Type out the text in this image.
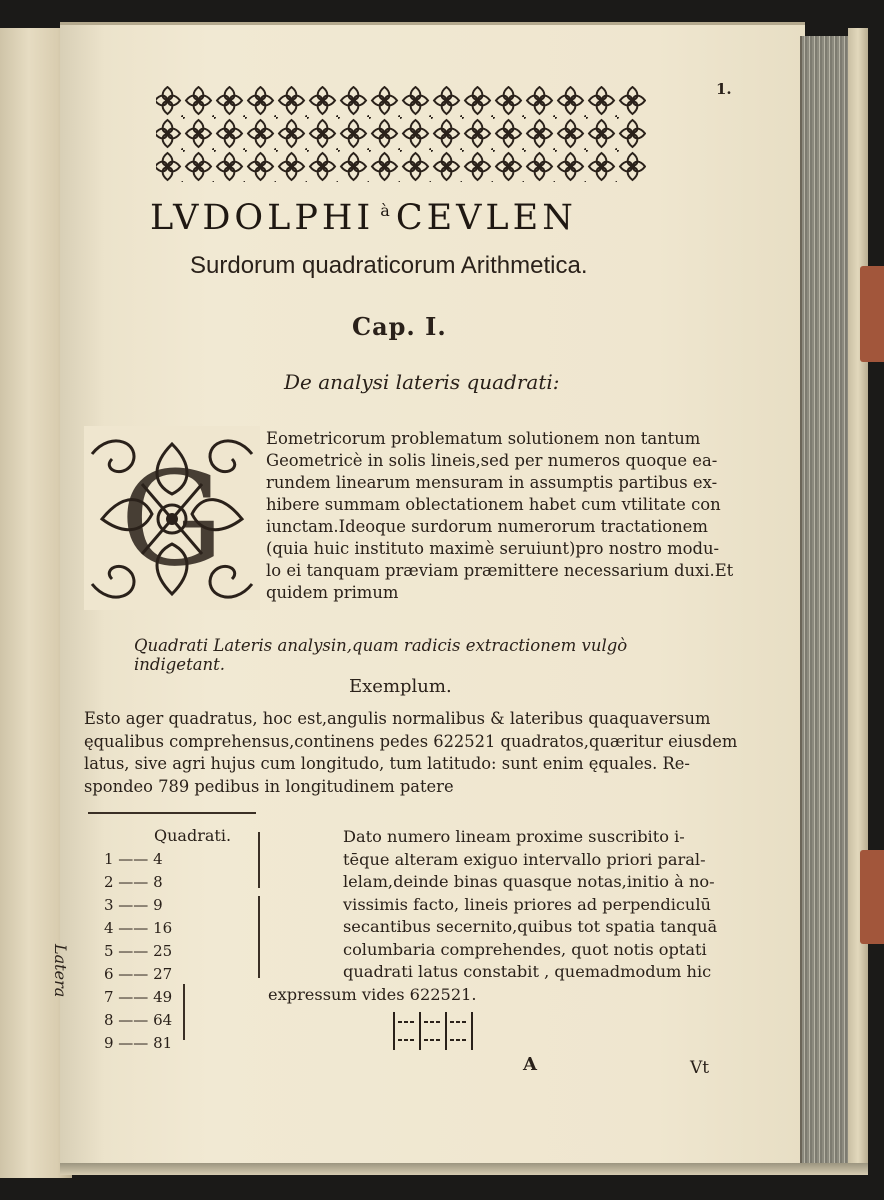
1.
LVDOLPHI $^à$ CEVLEN
Surdorum quadraticorum Arithmetica.
Cap. I.
De analysi lateris quadrati:
G
Eometricorum problematum solutionem non tantum
Geometricè in solis lineis,sed per numeros quoque ea-
rundem linearum mensuram in assumptis partibus ex-
hibere summam oblectationem habet cum vtilitate con
iunctam.Ideoque surdorum numerorum tractationem
(quia huic instituto maximè seruiunt)pro nostro modu-
lo ei tanquam præviam præmittere necessarium duxi.Et
quidem primum
Quadrati Lateris analysin,quam radicis extractionem vulgò indigetant.
Exemplum.
Esto ager quadratus, hoc est,angulis normalibus & lateribus quaquaversum
ęqualibus comprehensus,continens pedes 622521 quadratos,quæritur eiusdem
latus, sive agri hujus cum longitudo, tum latitudo: sunt enim ęquales. Re-
spondeo 789 pedibus in longitudinem patere
Quadrati.
Latera
1 —— 4
2 —— 8
3 —— 9
4 —— 16
5 —— 25
6 —— 27
7 —— 49
8 —— 64
9 —— 81
Dato numero lineam proxime suscribito i-
tēque alteram exiguo intervallo priori paral-
lelam,deinde binas quasque notas,initio à no-
vissimis facto, lineis priores ad perpendiculū
secantibus secernito,quibus tot spatia tanquā
columbaria comprehendes, quot notis optati
quadrati latus constabit , quemadmodum hic
expressum vides 622521.
A	Vt
